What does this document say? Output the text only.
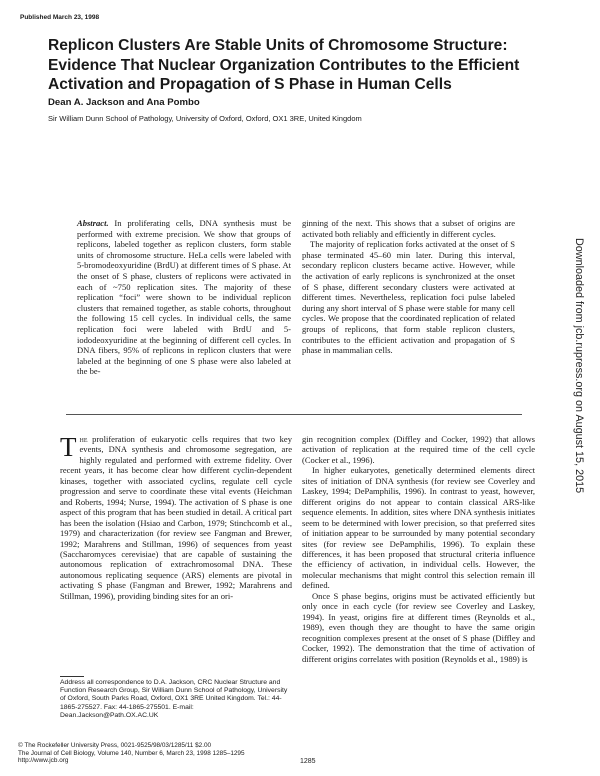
Published March 23, 1998
Replicon Clusters Are Stable Units of Chromosome Structure:
Evidence That Nuclear Organization Contributes to the Efficient
Activation and Propagation of S Phase in Human Cells
Dean A. Jackson and Ana Pombo
Sir William Dunn School of Pathology, University of Oxford, Oxford, OX1 3RE, United Kingdom

Abstract. In proliferating cells, DNA synthesis must be performed with extreme precision. We show that groups of replicons, labeled together as replicon clusters, form stable units of chromosome structure. HeLa cells were labeled with 5-bromodeoxyuridine (BrdU) at different times of S phase. At the onset of S phase, clusters of replicons were activated in each of ~750 replication sites. The majority of these replication “foci” were shown to be individual replicon clusters that remained together, as stable cohorts, throughout the following 15 cell cycles. In individual cells, the same replication foci were labeled with BrdU and 5-iododeoxyuridine at the beginning of different cell cycles. In DNA fibers, 95% of replicons in replicon clusters that were labeled at the beginning of one S phase were also labeled at the be-

ginning of the next. This shows that a subset of origins are activated both reliably and efficiently in different cycles.

The majority of replication forks activated at the onset of S phase terminated 45–60 min later. During this interval, secondary replicon clusters became active. However, while the activation of early replicons is synchronized at the onset of S phase, different secondary clusters were activated at different times. Nevertheless, replication foci pulse labeled during any short interval of S phase were stable for many cell cycles. We propose that the coordinated replication of related groups of replicons, that form stable replicon clusters, contributes to the efficient activation and propagation of S phase in mammalian cells.

The proliferation of eukaryotic cells requires that two key events, DNA synthesis and chromosome segregation, are highly regulated and performed with extreme fidelity. Over recent years, it has become clear how different cyclin-dependent kinases, together with associated cyclins, regulate cell cycle progression and serve to coordinate these vital events (Heichman and Roberts, 1994; Nurse, 1994). The activation of S phase is one aspect of this program that has been studied in detail. A critical part has been the isolation (Hsiao and Carbon, 1979; Stinchcomb et al., 1979) and characterization (for review see Fangman and Brewer, 1992; Marahrens and Stillman, 1996) of sequences from yeast (Saccharomyces cerevisiae) that are capable of sustaining the autonomous replication of extrachromosomal DNA. These autonomous replicating sequence (ARS) elements are pivotal in activating S phase (Fangman and Brewer, 1992; Marahrens and Stillman, 1996), providing binding sites for an ori-

Address all correspondence to D.A. Jackson, CRC Nuclear Structure and Function Research Group, Sir William Dunn School of Pathology, University of Oxford, South Parks Road, Oxford, OX1 3RE United Kingdom. Tel.: 44-1865-275527. Fax: 44-1865-275501. E-mail: Dean.Jackson@Path.OX.AC.UK

gin recognition complex (Diffley and Cocker, 1992) that allows activation of replication at the required time of the cell cycle (Cocker et al., 1996).

In higher eukaryotes, genetically determined elements direct sites of initiation of DNA synthesis (for review see Coverley and Laskey, 1994; DePamphilis, 1996). In contrast to yeast, however, different origins do not appear to contain classical ARS-like sequence elements. In addition, sites where DNA synthesis initiates seem to be determined with lower precision, so that preferred sites of initiation appear to be surrounded by many potential secondary sites (for review see DePamphilis, 1996). To explain these differences, it has been proposed that structural criteria influence the efficiency of activation, in individual cells. However, the molecular mechanisms that might control this selection remain ill defined.

Once S phase begins, origins must be activated efficiently but only once in each cycle (for review see Coverley and Laskey, 1994). In yeast, origins fire at different times (Reynolds et al., 1989), even though they are thought to have the same origin recognition complexes present at the onset of S phase (Diffley and Cocker, 1992). The demonstration that the time of activation of different origins correlates with position (Reynolds et al., 1989) is

© The Rockefeller University Press, 0021-9525/98/03/1285/11 $2.00
The Journal of Cell Biology, Volume 140, Number 6, March 23, 1998 1285–1295
http://www.jcb.org	1285
Downloaded from jcb.rupress.org on August 15, 2015
